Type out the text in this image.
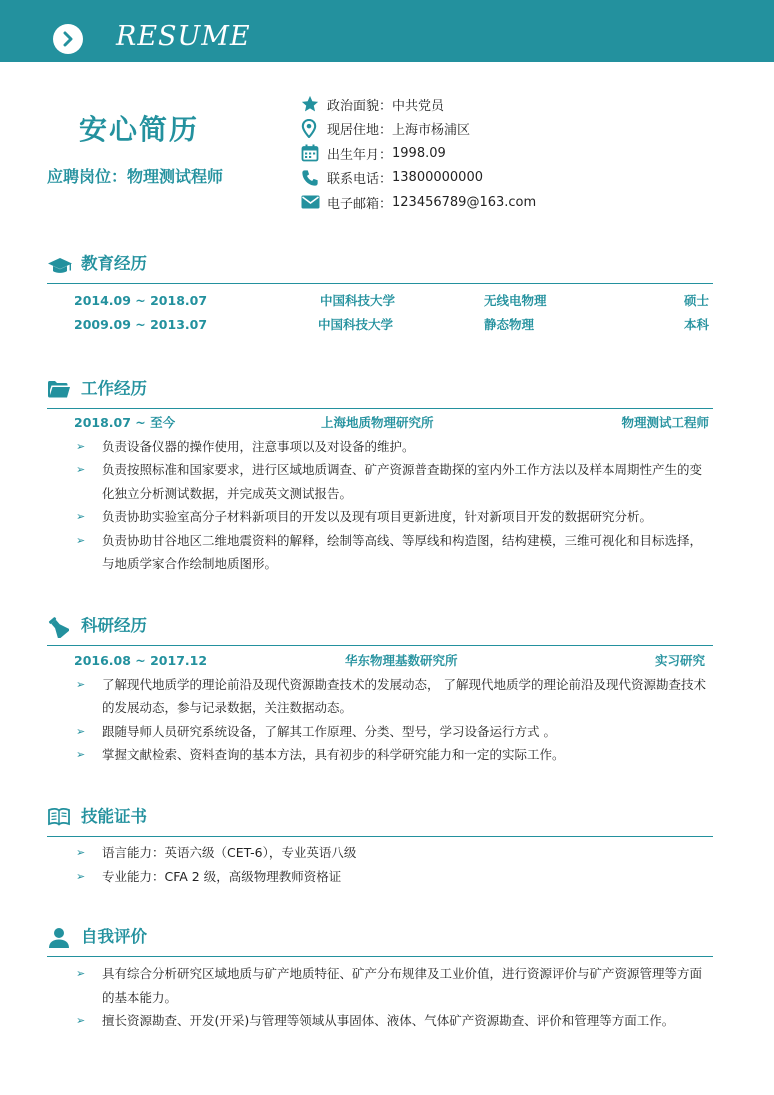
RESUME
安心简历
应聘岗位：物理测试程师
政治面貌： 中共党员
现居住地： 上海市杨浦区
出生年月： 1998.09
联系电话： 13800000000
电子邮箱： 123456789@163.com
教育经历
2014.09 ~ 2018.07	中国科技大学	无线电物理	硕士
2009.09 ~ 2013.07	中国科技大学	静态物理	本科
工作经历
2018.07 ~ 至今	上海地质物理研究所	物理测试工程师
➢ 负责设备仪器的操作使用，注意事项以及对设备的维护。
➢ 负责按照标准和国家要求，进行区域地质调查、矿产资源普查勘探的室内外工作方法以及样本周期性产生的变化独立分析测试数据，并完成英文测试报告。
➢ 负责协助实验室高分子材料新项目的开发以及现有项目更新进度，针对新项目开发的数据研究分析。
➢ 负责协助甘谷地区二维地震资料的解释，绘制等高线、等厚线和构造图，结构建模，三维可视化和目标选择，与地质学家合作绘制地质图形。
科研经历
2016.08 ~ 2017.12	华东物理基数研究所	实习研究
➢ 了解现代地质学的理论前沿及现代资源勘查技术的发展动态， 了解现代地质学的理论前沿及现代资源勘查技术的发展动态，参与记录数据，关注数据动态。
➢ 跟随导师人员研究系统设备，了解其工作原理、分类、型号，学习设备运行方式 。
➢ 掌握文献检索、资料查询的基本方法，具有初步的科学研究能力和一定的实际工作。
技能证书
➢ 语言能力：英语六级（CET-6），专业英语八级
➢ 专业能力：CFA 2 级，高级物理教师资格证
自我评价
➢ 具有综合分析研究区域地质与矿产地质特征、矿产分布规律及工业价值，进行资源评价与矿产资源管理等方面的基本能力。
➢ 擅长资源勘查、开发(开采)与管理等领域从事固体、液体、气体矿产资源勘查、评价和管理等方面工作。
